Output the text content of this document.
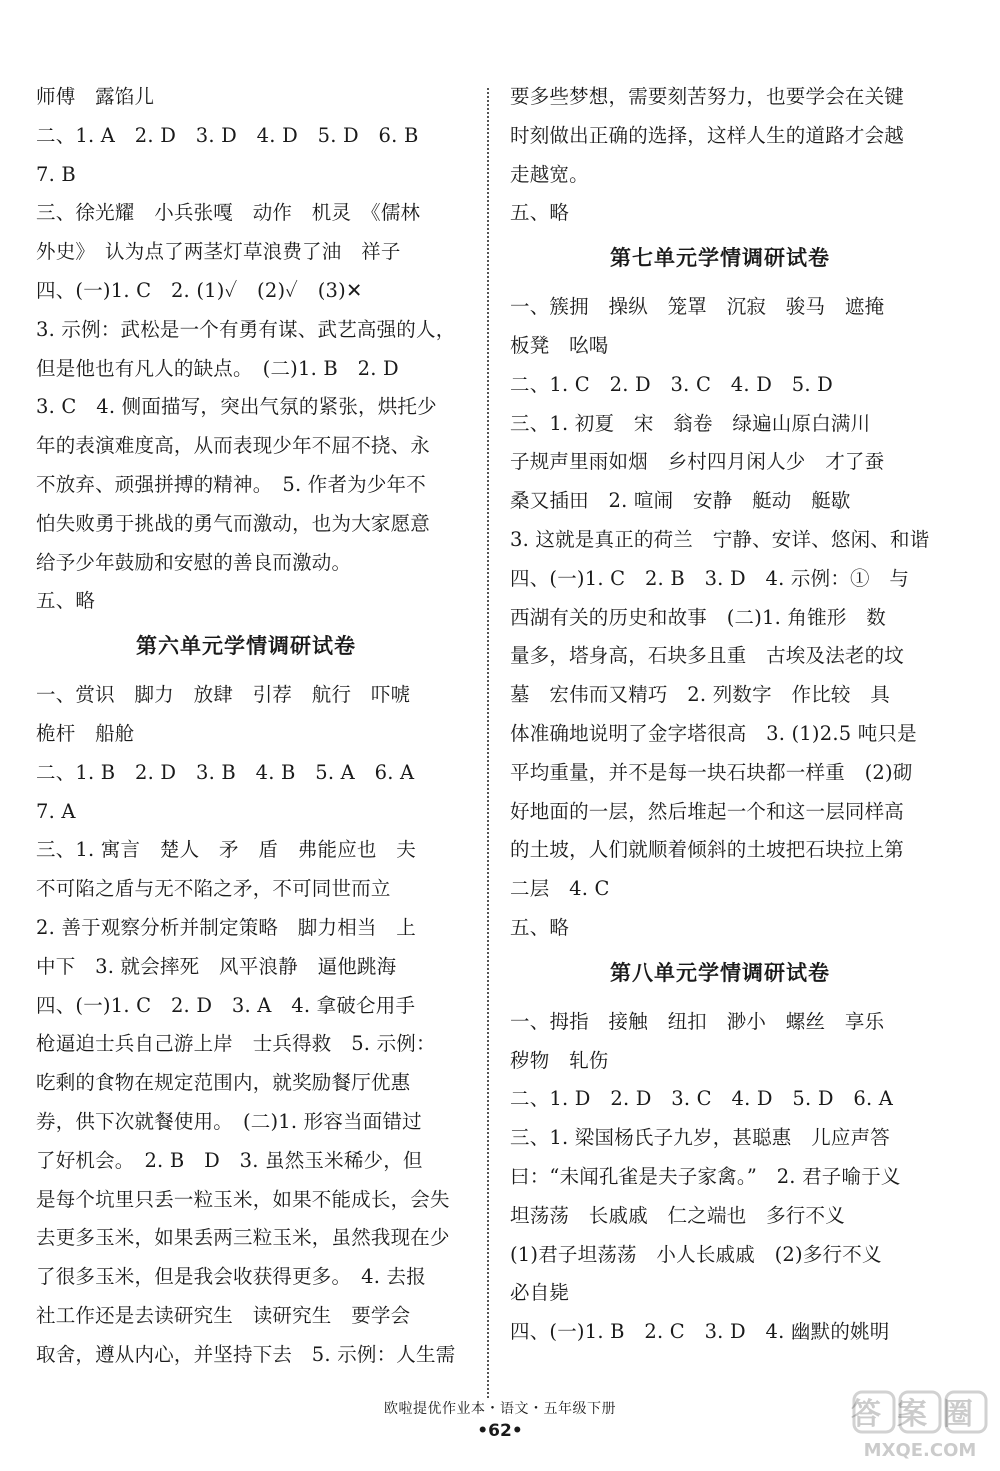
师傅　露馅儿
二、1. A　2. D　3. D　4. D　5. D　6. B
7. B
三、徐光耀　小兵张嘎　动作　机灵　《儒林
外史》　认为点了两茎灯草浪费了油　祥子
四、(一)1. C　2. (1)✓　(2)✓　(3)✕
3. 示例：武松是一个有勇有谋、武艺高强的人，
但是他也有凡人的缺点。　(二)1. B　2. D
3. C　4. 侧面描写，突出气氛的紧张，烘托少
年的表演难度高，从而表现少年不屈不挠、永
不放弃、顽强拼搏的精神。　5. 作者为少年不
怕失败勇于挑战的勇气而激动，也为大家愿意
给予少年鼓励和安慰的善良而激动。
五、略
第六单元学情调研试卷
一、赏识　脚力　放肆　引荐　航行　吓唬
桅杆　船舱
二、1. B　2. D　3. B　4. B　5. A　6. A
7. A
三、1. 寓言　楚人　矛　盾　弗能应也　夫
不可陷之盾与无不陷之矛，不可同世而立
2. 善于观察分析并制定策略　脚力相当　上
中下　3. 就会摔死　风平浪静　逼他跳海
四、(一)1. C　2. D　3. A　4. 拿破仑用手
枪逼迫士兵自己游上岸　士兵得救　5. 示例：
吃剩的食物在规定范围内，就奖励餐厅优惠
券，供下次就餐使用。　(二)1. 形容当面错过
了好机会。　2. B　D　3. 虽然玉米稀少，但
是每个坑里只丢一粒玉米，如果不能成长，会失
去更多玉米，如果丢两三粒玉米，虽然我现在少
了很多玉米，但是我会收获得更多。　4. 去报
社工作还是去读研究生　读研究生　要学会
取舍，遵从内心，并坚持下去　5. 示例：人生需
要多些梦想，需要刻苦努力，也要学会在关键
时刻做出正确的选择，这样人生的道路才会越
走越宽。
五、略
第七单元学情调研试卷
一、簇拥　操纵　笼罩　沉寂　骏马　遮掩
板凳　吆喝
二、1. C　2. D　3. C　4. D　5. D
三、1. 初夏　宋　翁卷　绿遍山原白满川
子规声里雨如烟　乡村四月闲人少　才了蚕
桑又插田　2. 喧闹　安静　艇动　艇歇
3. 这就是真正的荷兰　宁静、安详、悠闲、和谐
四、(一)1. C　2. B　3. D　4. 示例：①　与
西湖有关的历史和故事　(二)1. 角锥形　数
量多，塔身高，石块多且重　古埃及法老的坟
墓　宏伟而又精巧　2. 列数字　作比较　具
体准确地说明了金字塔很高　3. (1)2.5 吨只是
平均重量，并不是每一块石块都一样重　(2)砌
好地面的一层，然后堆起一个和这一层同样高
的土坡，人们就顺着倾斜的土坡把石块拉上第
二层　4. C
五、略
第八单元学情调研试卷
一、拇指　接触　纽扣　渺小　螺丝　享乐
秽物　轧伤
二、1. D　2. D　3. C　4. D　5. D　6. A
三、1. 梁国杨氏子九岁，甚聪惠　儿应声答
曰：“未闻孔雀是夫子家禽。”　2. 君子喻于义
坦荡荡　长戚戚　仁之端也　多行不义
(1)君子坦荡荡　小人长戚戚　(2)多行不义
必自毙
四、(一)1. B　2. C　3. D　4. 幽默的姚明
欧啦提优作业本・语文・五年级下册
•62•	答案圈
MXQE.COM
